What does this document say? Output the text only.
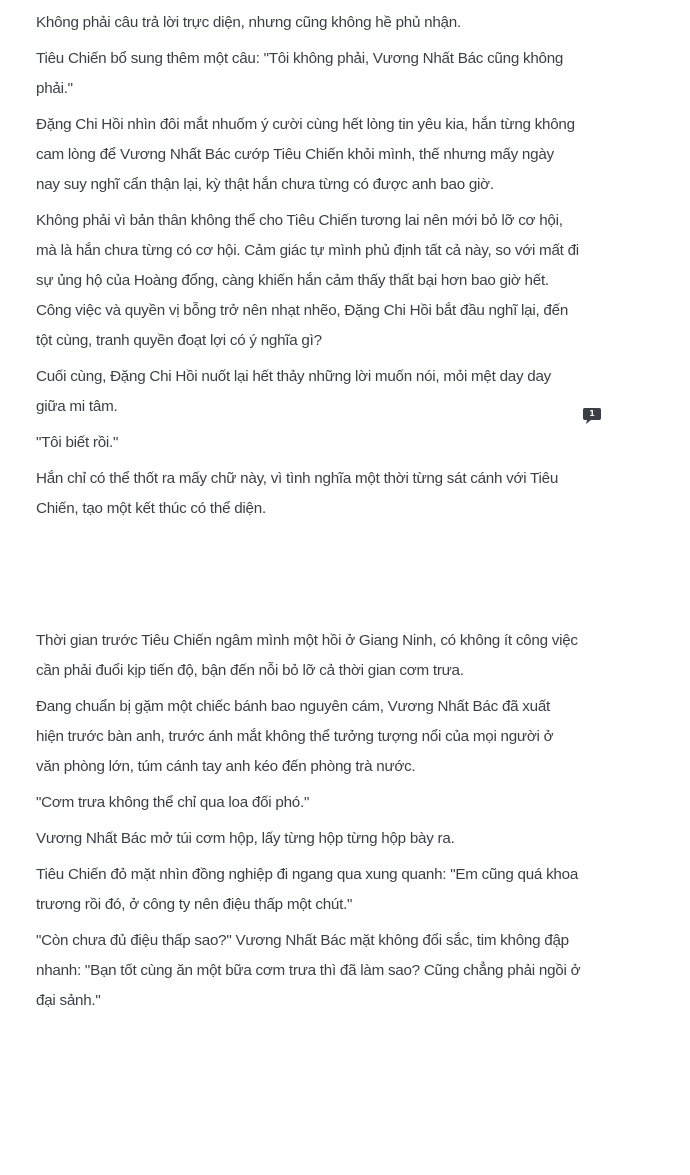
Không phải câu trả lời trực diện, nhưng cũng không hề phủ nhận.

Tiêu Chiến bổ sung thêm một câu: "Tôi không phải, Vương Nhất Bác cũng không phải."

Đặng Chi Hồi nhìn đôi mắt nhuốm ý cười cùng hết lòng tin yêu kia, hắn từng không cam lòng để Vương Nhất Bác cướp Tiêu Chiến khỏi mình, thế nhưng mấy ngày nay suy nghĩ cẩn thận lại, kỳ thật hắn chưa từng có được anh bao giờ.

Không phải vì bản thân không thể cho Tiêu Chiến tương lai nên mới bỏ lỡ cơ hội, mà là hắn chưa từng có cơ hội. Cảm giác tự mình phủ định tất cả này, so với mất đi sự ủng hộ của Hoàng đổng, càng khiến hắn cảm thấy thất bại hơn bao giờ hết. Công việc và quyền vị bỗng trở nên nhạt nhẽo, Đặng Chi Hồi bắt đầu nghĩ lại, đến tột cùng, tranh quyền đoạt lợi có ý nghĩa gì?

Cuối cùng, Đặng Chi Hồi nuốt lại hết thảy những lời muốn nói, mỏi mệt day day giữa mi tâm.

"Tôi biết rồi."

Hắn chỉ có thể thốt ra mấy chữ này, vì tình nghĩa một thời từng sát cánh với Tiêu Chiến, tạo một kết thúc có thể diện.

Thời gian trước Tiêu Chiến ngâm mình một hồi ở Giang Ninh, có không ít công việc cần phải đuổi kịp tiến độ, bận đến nỗi bỏ lỡ cả thời gian cơm trưa.

Đang chuẩn bị gặm một chiếc bánh bao nguyên cám, Vương Nhất Bác đã xuất hiện trước bàn anh, trước ánh mắt không thể tưởng tượng nổi của mọi người ở văn phòng lớn, túm cánh tay anh kéo đến phòng trà nước.

"Cơm trưa không thể chỉ qua loa đối phó."

Vương Nhất Bác mở túi cơm hộp, lấy từng hộp từng hộp bày ra.

Tiêu Chiến đỏ mặt nhìn đồng nghiệp đi ngang qua xung quanh: "Em cũng quá khoa trương rồi đó, ở công ty nên điệu thấp một chút."

"Còn chưa đủ điệu thấp sao?" Vương Nhất Bác mặt không đổi sắc, tim không đập nhanh: "Bạn tốt cùng ăn một bữa cơm trưa thì đã làm sao? Cũng chẳng phải ngồi ở đại sảnh."

1
